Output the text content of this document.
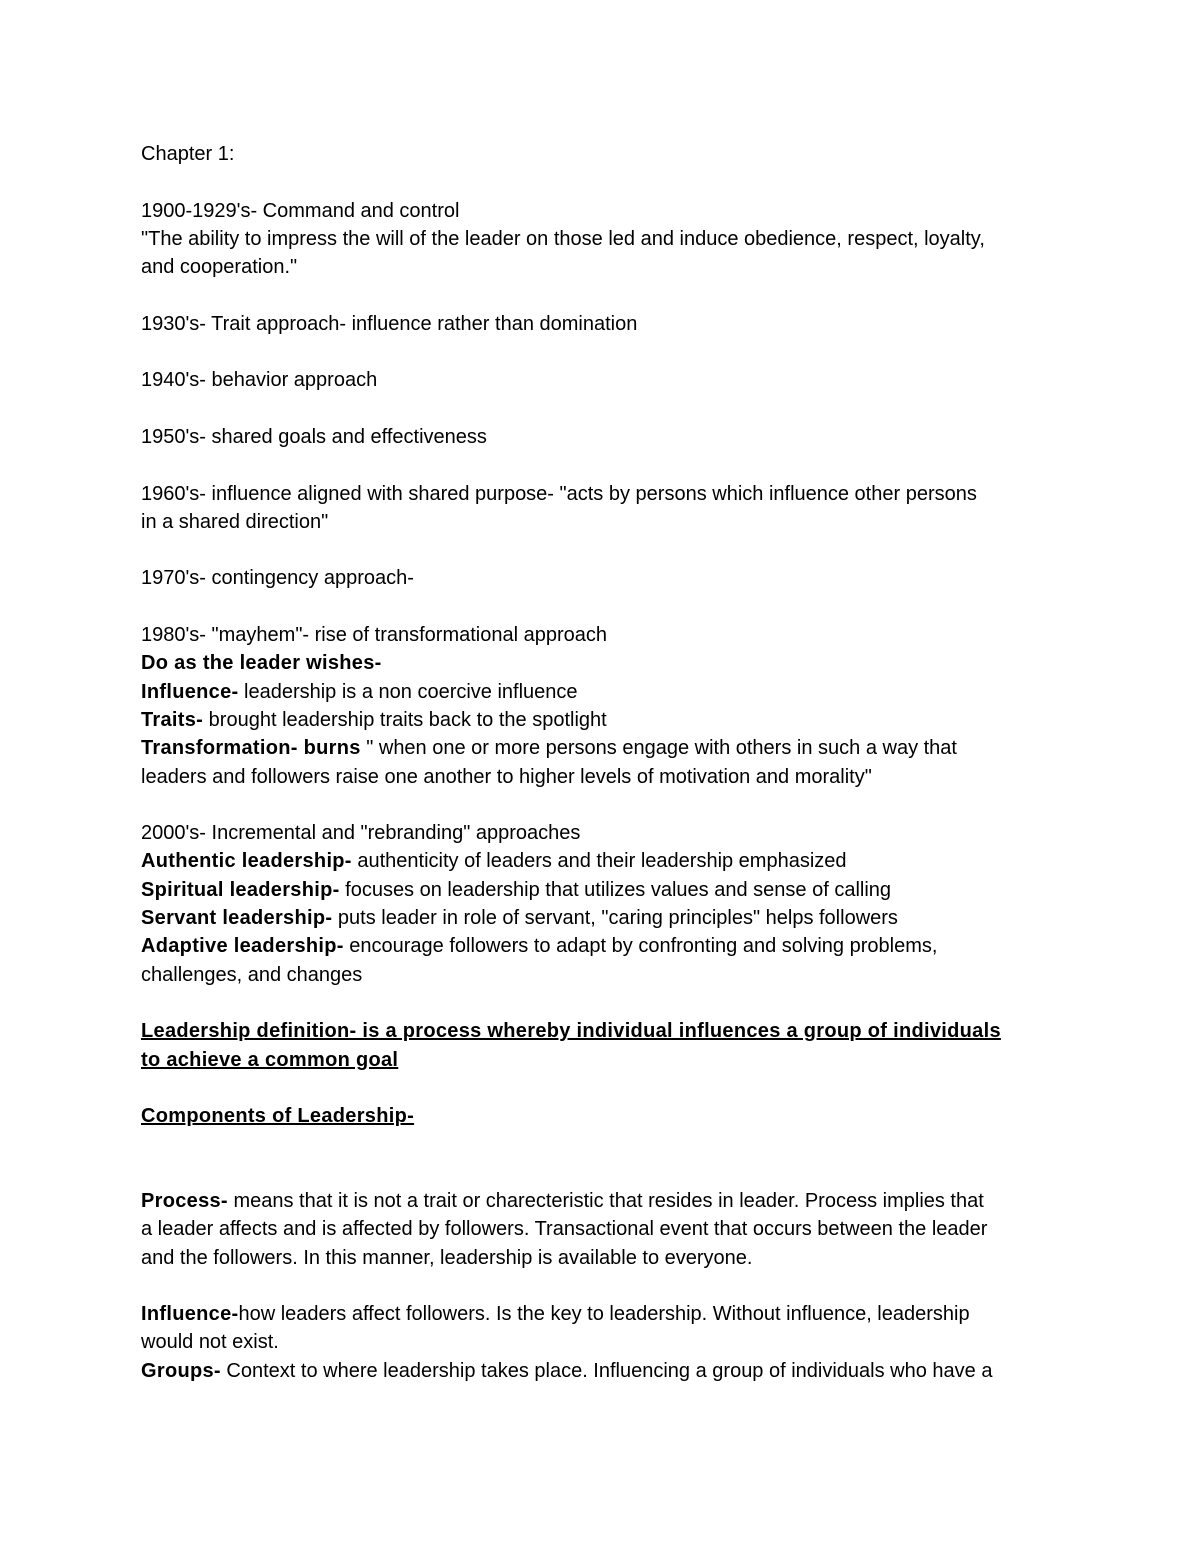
Chapter 1:
1900-1929's- Command and control
"The ability to impress the will of the leader on those led and induce obedience, respect, loyalty,
and cooperation."
1930's- Trait approach- influence rather than domination
1940's- behavior approach
1950's- shared goals and effectiveness
1960's- influence aligned with shared purpose- "acts by persons which influence other persons
in a shared direction"
1970's- contingency approach-
1980's- "mayhem"- rise of transformational approach
Do as the leader wishes-
Influence- leadership is a non coercive influence
Traits- brought leadership traits back to the spotlight
Transformation- burns " when one or more persons engage with others in such a way that
leaders and followers raise one another to higher levels of motivation and morality"
2000's- Incremental and "rebranding" approaches
Authentic leadership- authenticity of leaders and their leadership emphasized
Spiritual leadership- focuses on leadership that utilizes values and sense of calling
Servant leadership- puts leader in role of servant, "caring principles" helps followers
Adaptive leadership- encourage followers to adapt by confronting and solving problems,
challenges, and changes
Leadership definition- is a process whereby individual influences a group of individuals
to achieve a common goal
Components of Leadership-
Process- means that it is not a trait or charecteristic that resides in leader. Process implies that
a leader affects and is affected by followers. Transactional event that occurs between the leader
and the followers. In this manner, leadership is available to everyone.
Influence-how leaders affect followers. Is the key to leadership. Without influence, leadership
would not exist.
Groups- Context to where leadership takes place. Influencing a group of individuals who have a
